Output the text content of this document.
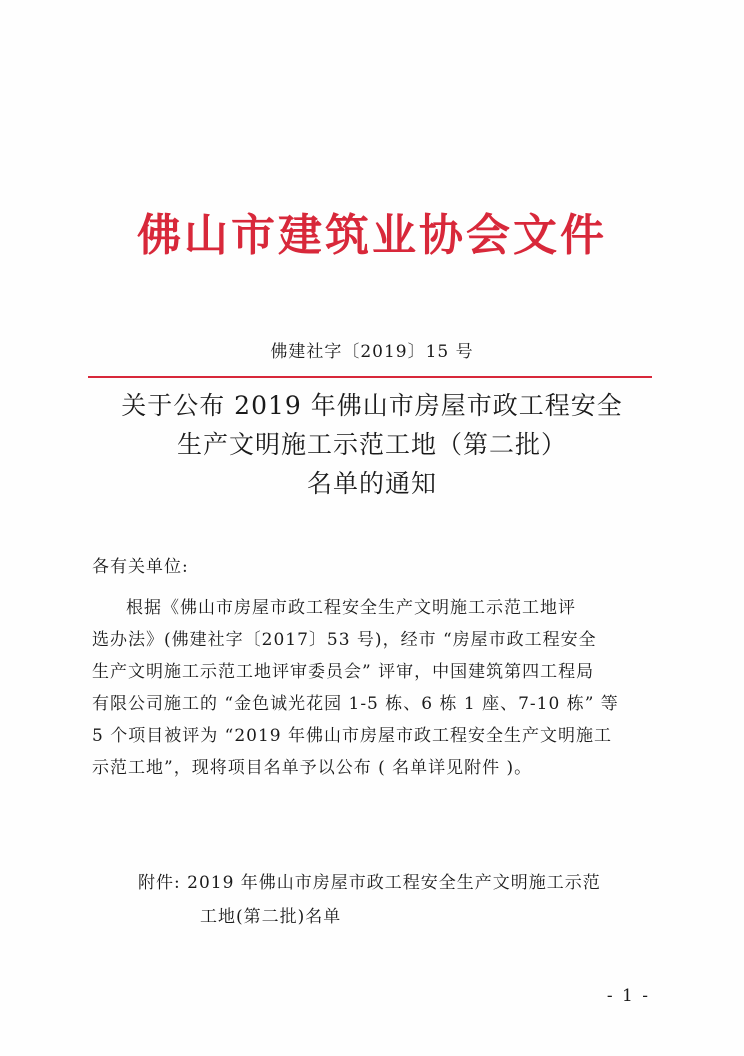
佛山市建筑业协会文件
佛建社字〔2019〕15 号
关于公布 2019 年佛山市房屋市政工程安全
生产文明施工示范工地（第二批）
名单的通知
各有关单位:
根据《佛山市房屋市政工程安全生产文明施工示范工地评
选办法》(佛建社字〔2017〕53 号)，经市 “房屋市政工程安全
生产文明施工示范工地评审委员会” 评审，中国建筑第四工程局
有限公司施工的 “金色诚光花园 1-5 栋、6 栋 1 座、7-10 栋” 等
5 个项目被评为 “2019 年佛山市房屋市政工程安全生产文明施工
示范工地”，现将项目名单予以公布 ( 名单详见附件 )。
附件: 2019 年佛山市房屋市政工程安全生产文明施工示范
工地(第二批)名单
- 1 -
